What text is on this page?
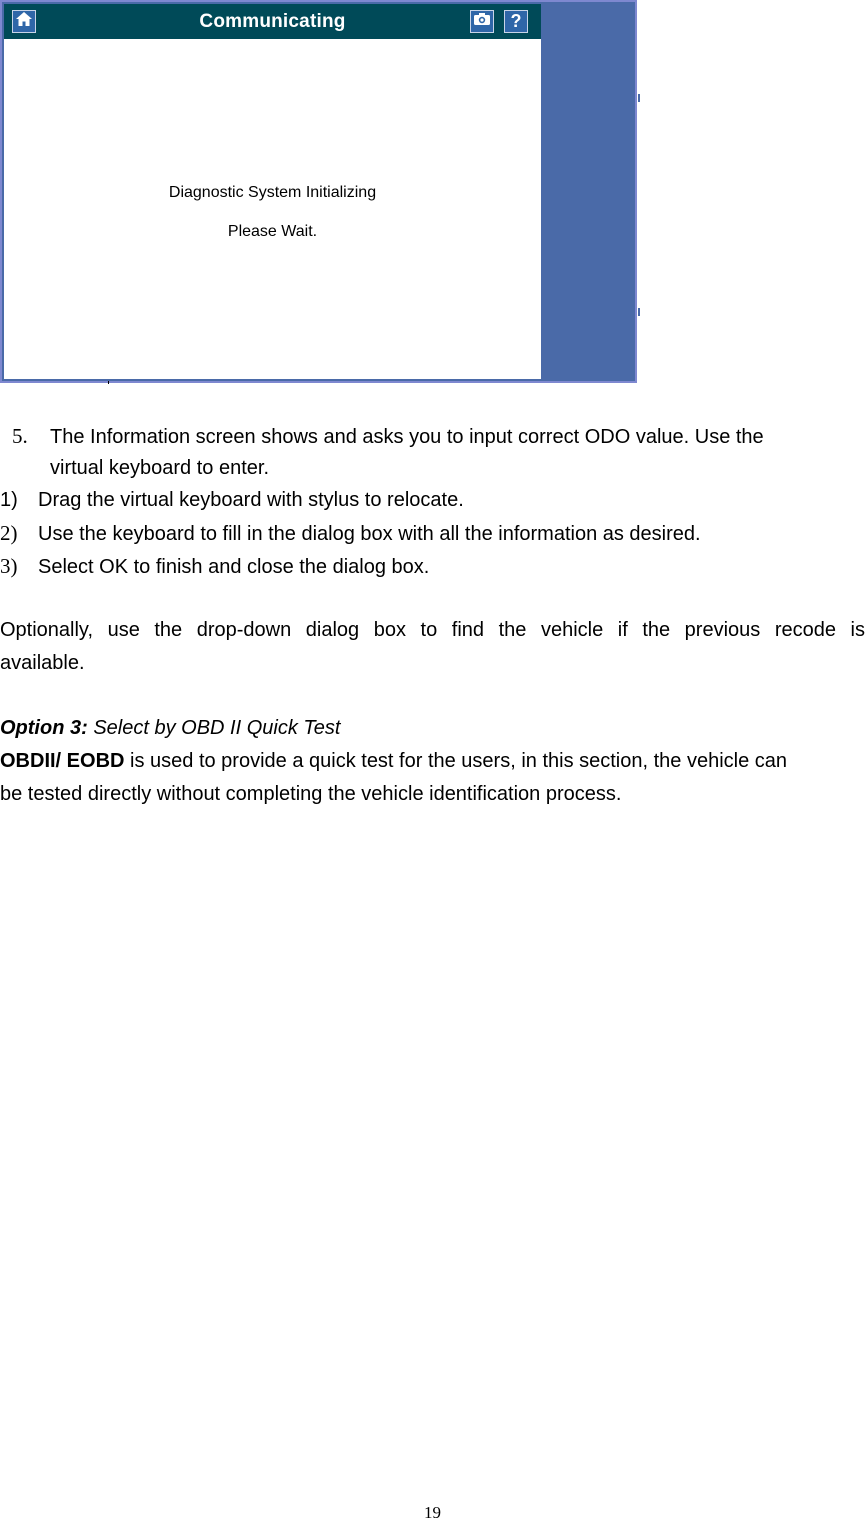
Communicating	?
Diagnostic System Initializing
Please Wait.
5. The Information screen shows and asks you to input correct ODO value. Use the
virtual keyboard to enter.
1) Drag the virtual keyboard with stylus to relocate.
2) Use the keyboard to fill in the dialog box with all the information as desired.
3) Select OK to finish and close the dialog box.
Optionally, use the drop-down dialog box to find the vehicle if the previous recode is
available.
Option 3: Select by OBD II Quick Test
OBDII/ EOBD is used to provide a quick test for the users, in this section, the vehicle can
be tested directly without completing the vehicle identification process.
19
